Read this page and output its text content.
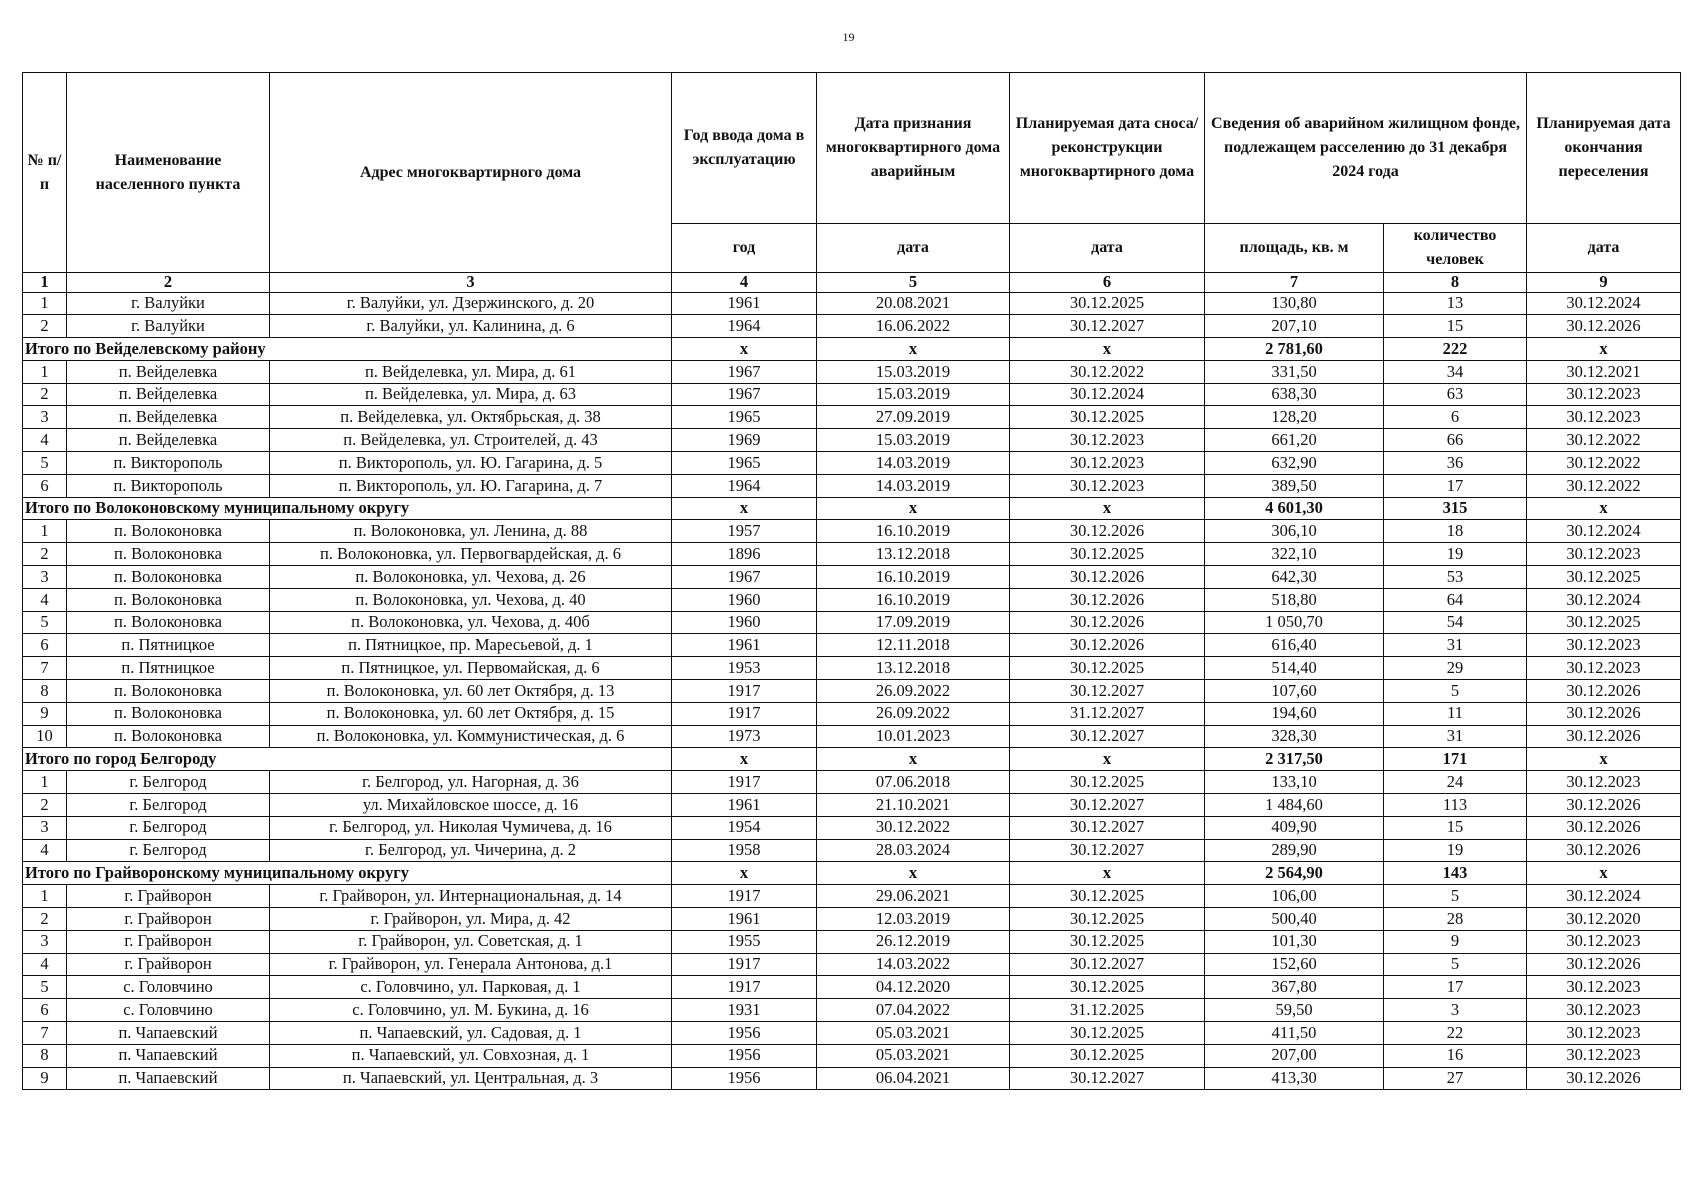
19
№ п/п	Наименование населенного пункта	Адрес многоквартирного дома	Год ввода дома в эксплуатацию	Дата признания многоквартирного дома аварийным	Планируемая дата сноса/ реконструкции многоквартирного дома	Сведения об аварийном жилищном фонде, подлежащем расселению до 31 декабря 2024 года		Планируемая дата окончания переселения
			год	дата	дата	площадь, кв. м	количество человек	дата
1	2	3	4	5	6	7	8	9
1	г. Валуйки	г. Валуйки, ул. Дзержинского, д. 20	1961	20.08.2021	30.12.2025	130,80	13	30.12.2024
2	г. Валуйки	г. Валуйки, ул. Калинина, д. 6	1964	16.06.2022	30.12.2027	207,10	15	30.12.2026
Итого по Вейделевскому району			x	x	x	2 781,60	222	x
1	п. Вейделевка	п. Вейделевка, ул. Мира, д. 61	1967	15.03.2019	30.12.2022	331,50	34	30.12.2021
2	п. Вейделевка	п. Вейделевка, ул. Мира, д. 63	1967	15.03.2019	30.12.2024	638,30	63	30.12.2023
3	п. Вейделевка	п. Вейделевка, ул. Октябрьская, д. 38	1965	27.09.2019	30.12.2025	128,20	6	30.12.2023
4	п. Вейделевка	п. Вейделевка, ул. Строителей, д. 43	1969	15.03.2019	30.12.2023	661,20	66	30.12.2022
5	п. Викторополь	п. Викторополь, ул. Ю. Гагарина, д. 5	1965	14.03.2019	30.12.2023	632,90	36	30.12.2022
6	п. Викторополь	п. Викторополь, ул. Ю. Гагарина, д. 7	1964	14.03.2019	30.12.2023	389,50	17	30.12.2022
Итого по Волоконовскому муниципальному округу			x	x	x	4 601,30	315	x
1	п. Волоконовка	п. Волоконовка, ул. Ленина, д. 88	1957	16.10.2019	30.12.2026	306,10	18	30.12.2024
2	п. Волоконовка	п. Волоконовка, ул. Первогвардейская, д. 6	1896	13.12.2018	30.12.2025	322,10	19	30.12.2023
3	п. Волоконовка	п. Волоконовка, ул. Чехова, д. 26	1967	16.10.2019	30.12.2026	642,30	53	30.12.2025
4	п. Волоконовка	п. Волоконовка, ул. Чехова, д. 40	1960	16.10.2019	30.12.2026	518,80	64	30.12.2024
5	п. Волоконовка	п. Волоконовка, ул. Чехова, д. 40б	1960	17.09.2019	30.12.2026	1 050,70	54	30.12.2025
6	п. Пятницкое	п. Пятницкое, пр. Маресьевой, д. 1	1961	12.11.2018	30.12.2026	616,40	31	30.12.2023
7	п. Пятницкое	п. Пятницкое, ул. Первомайская, д. 6	1953	13.12.2018	30.12.2025	514,40	29	30.12.2023
8	п. Волоконовка	п. Волоконовка, ул. 60 лет Октября, д. 13	1917	26.09.2022	30.12.2027	107,60	5	30.12.2026
9	п. Волоконовка	п. Волоконовка, ул. 60 лет Октября, д. 15	1917	26.09.2022	31.12.2027	194,60	11	30.12.2026
10	п. Волоконовка	п. Волоконовка, ул. Коммунистическая, д. 6	1973	10.01.2023	30.12.2027	328,30	31	30.12.2026
Итого по город Белгороду			x	x	x	2 317,50	171	x
1	г. Белгород	г. Белгород, ул. Нагорная, д. 36	1917	07.06.2018	30.12.2025	133,10	24	30.12.2023
2	г. Белгород	ул. Михайловское шоссе, д. 16	1961	21.10.2021	30.12.2027	1 484,60	113	30.12.2026
3	г. Белгород	г. Белгород, ул. Николая Чумичева, д. 16	1954	30.12.2022	30.12.2027	409,90	15	30.12.2026
4	г. Белгород	г. Белгород, ул. Чичерина, д. 2	1958	28.03.2024	30.12.2027	289,90	19	30.12.2026
Итого по Грайворонскому муниципальному округу			x	x	x	2 564,90	143	x
1	г. Грайворон	г. Грайворон, ул. Интернациональная, д. 14	1917	29.06.2021	30.12.2025	106,00	5	30.12.2024
2	г. Грайворон	г. Грайворон, ул. Мира, д. 42	1961	12.03.2019	30.12.2025	500,40	28	30.12.2020
3	г. Грайворон	г. Грайворон, ул. Советская, д. 1	1955	26.12.2019	30.12.2025	101,30	9	30.12.2023
4	г. Грайворон	г. Грайворон, ул. Генерала Антонова, д.1	1917	14.03.2022	30.12.2027	152,60	5	30.12.2026
5	с. Головчино	с. Головчино, ул. Парковая, д. 1	1917	04.12.2020	30.12.2025	367,80	17	30.12.2023
6	с. Головчино	с. Головчино, ул. М. Букина, д. 16	1931	07.04.2022	31.12.2025	59,50	3	30.12.2023
7	п. Чапаевский	п. Чапаевский, ул. Садовая, д. 1	1956	05.03.2021	30.12.2025	411,50	22	30.12.2023
8	п. Чапаевский	п. Чапаевский, ул. Совхозная, д. 1	1956	05.03.2021	30.12.2025	207,00	16	30.12.2023
9	п. Чапаевский	п. Чапаевский, ул. Центральная, д. 3	1956	06.04.2021	30.12.2027	413,30	27	30.12.2026
